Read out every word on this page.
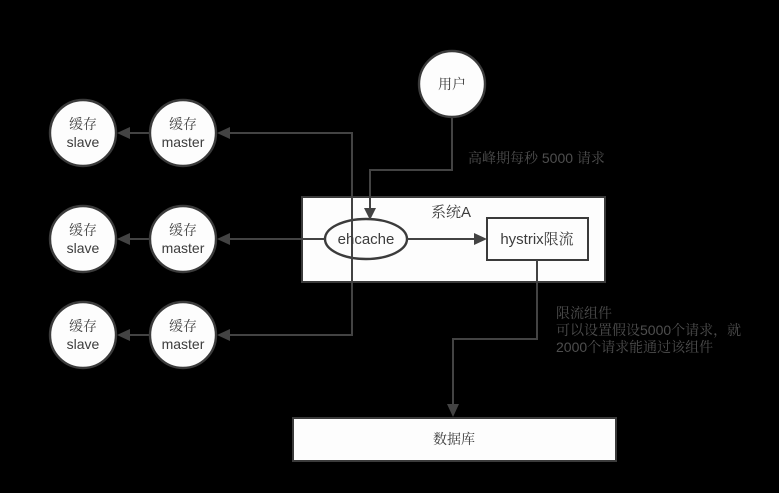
用户
系统A
ehcache	hystrix限流
数据库
缓存
slave
缓存
master
缓存
slave
缓存
master
缓存
slave
缓存
master
高峰期每秒 5000 请求
限流组件
可以设置假设5000个请求，就
2000个请求能通过该组件
